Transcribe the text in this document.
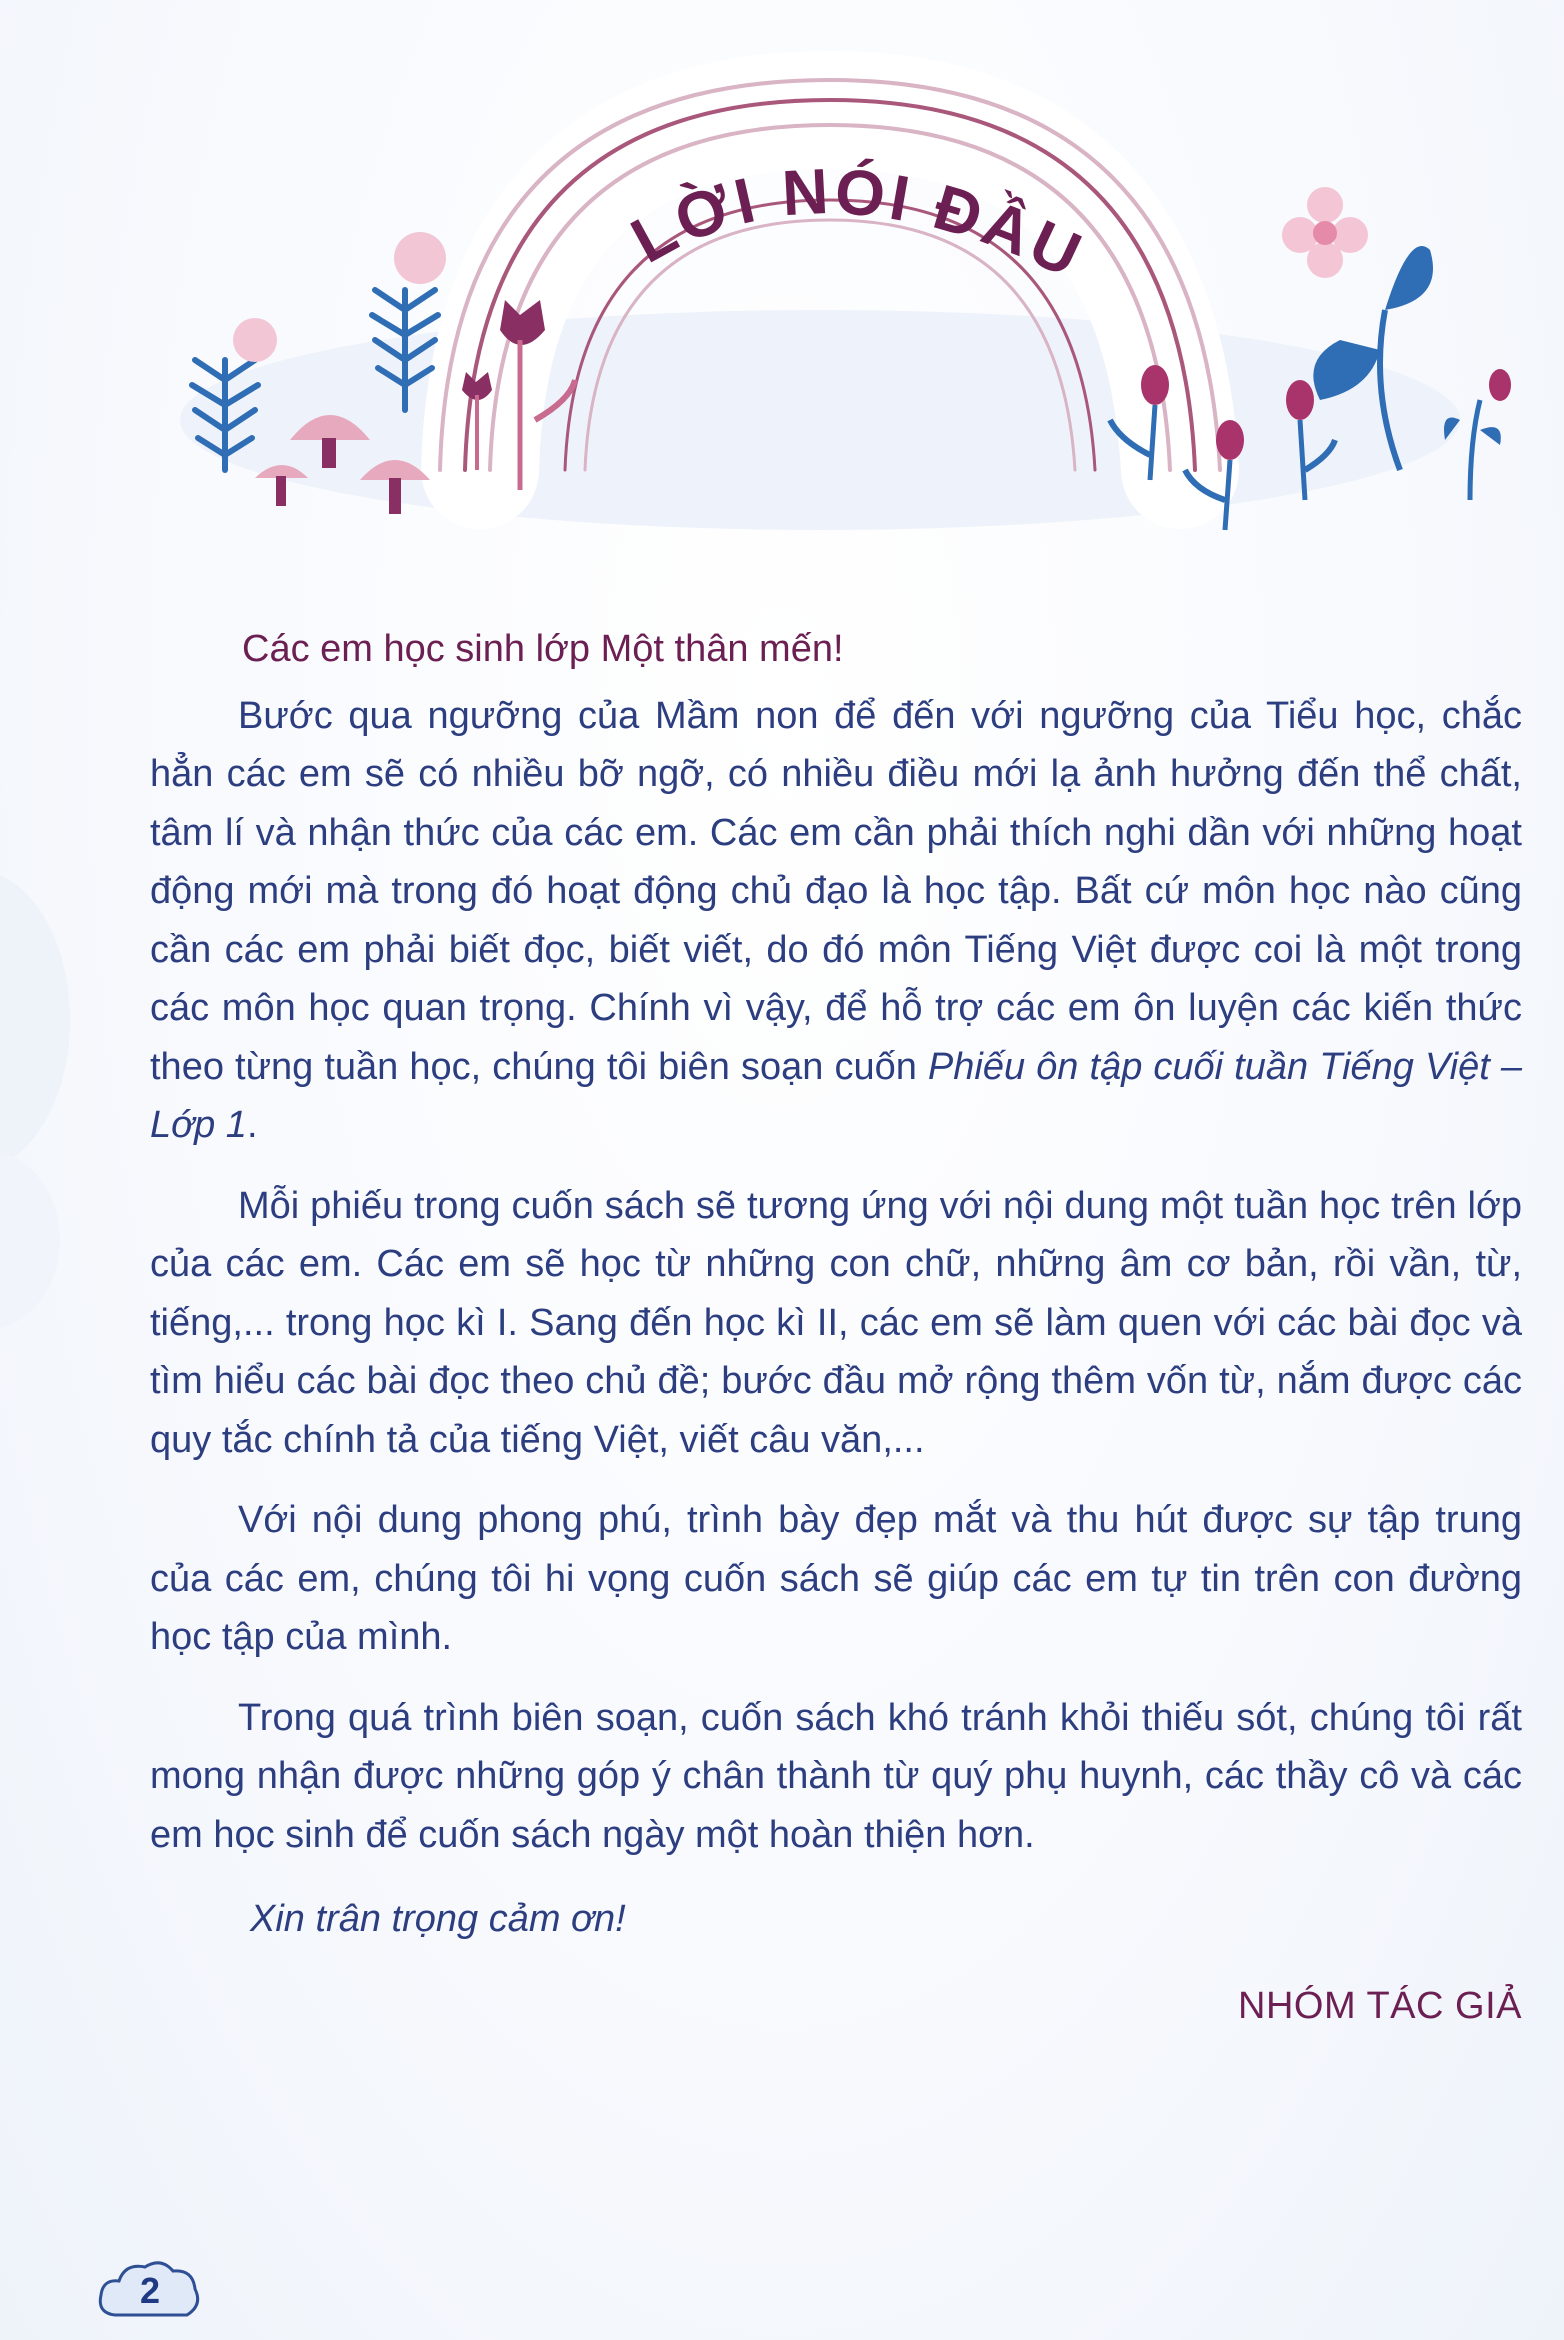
LỜI NÓI ĐẦU

Các em học sinh lớp Một thân mến!

Bước qua ngưỡng của Mầm non để đến với ngưỡng của Tiểu học, chắc hẳn các em sẽ có nhiều bỡ ngỡ, có nhiều điều mới lạ ảnh hưởng đến thể chất, tâm lí và nhận thức của các em. Các em cần phải thích nghi dần với những hoạt động mới mà trong đó hoạt động chủ đạo là học tập. Bất cứ môn học nào cũng cần các em phải biết đọc, biết viết, do đó môn Tiếng Việt được coi là một trong các môn học quan trọng. Chính vì vậy, để hỗ trợ các em ôn luyện các kiến thức theo từng tuần học, chúng tôi biên soạn cuốn Phiếu ôn tập cuối tuần Tiếng Việt – Lớp 1.

Mỗi phiếu trong cuốn sách sẽ tương ứng với nội dung một tuần học trên lớp của các em. Các em sẽ học từ những con chữ, những âm cơ bản, rồi vần, từ, tiếng,... trong học kì I. Sang đến học kì II, các em sẽ làm quen với các bài đọc và tìm hiểu các bài đọc theo chủ đề; bước đầu mở rộng thêm vốn từ, nắm được các quy tắc chính tả của tiếng Việt, viết câu văn,...

Với nội dung phong phú, trình bày đẹp mắt và thu hút được sự tập trung của các em, chúng tôi hi vọng cuốn sách sẽ giúp các em tự tin trên con đường học tập của mình.

Trong quá trình biên soạn, cuốn sách khó tránh khỏi thiếu sót, chúng tôi rất mong nhận được những góp ý chân thành từ quý phụ huynh, các thầy cô và các em học sinh để cuốn sách ngày một hoàn thiện hơn.

Xin trân trọng cảm ơn!

NHÓM TÁC GIẢ

2
